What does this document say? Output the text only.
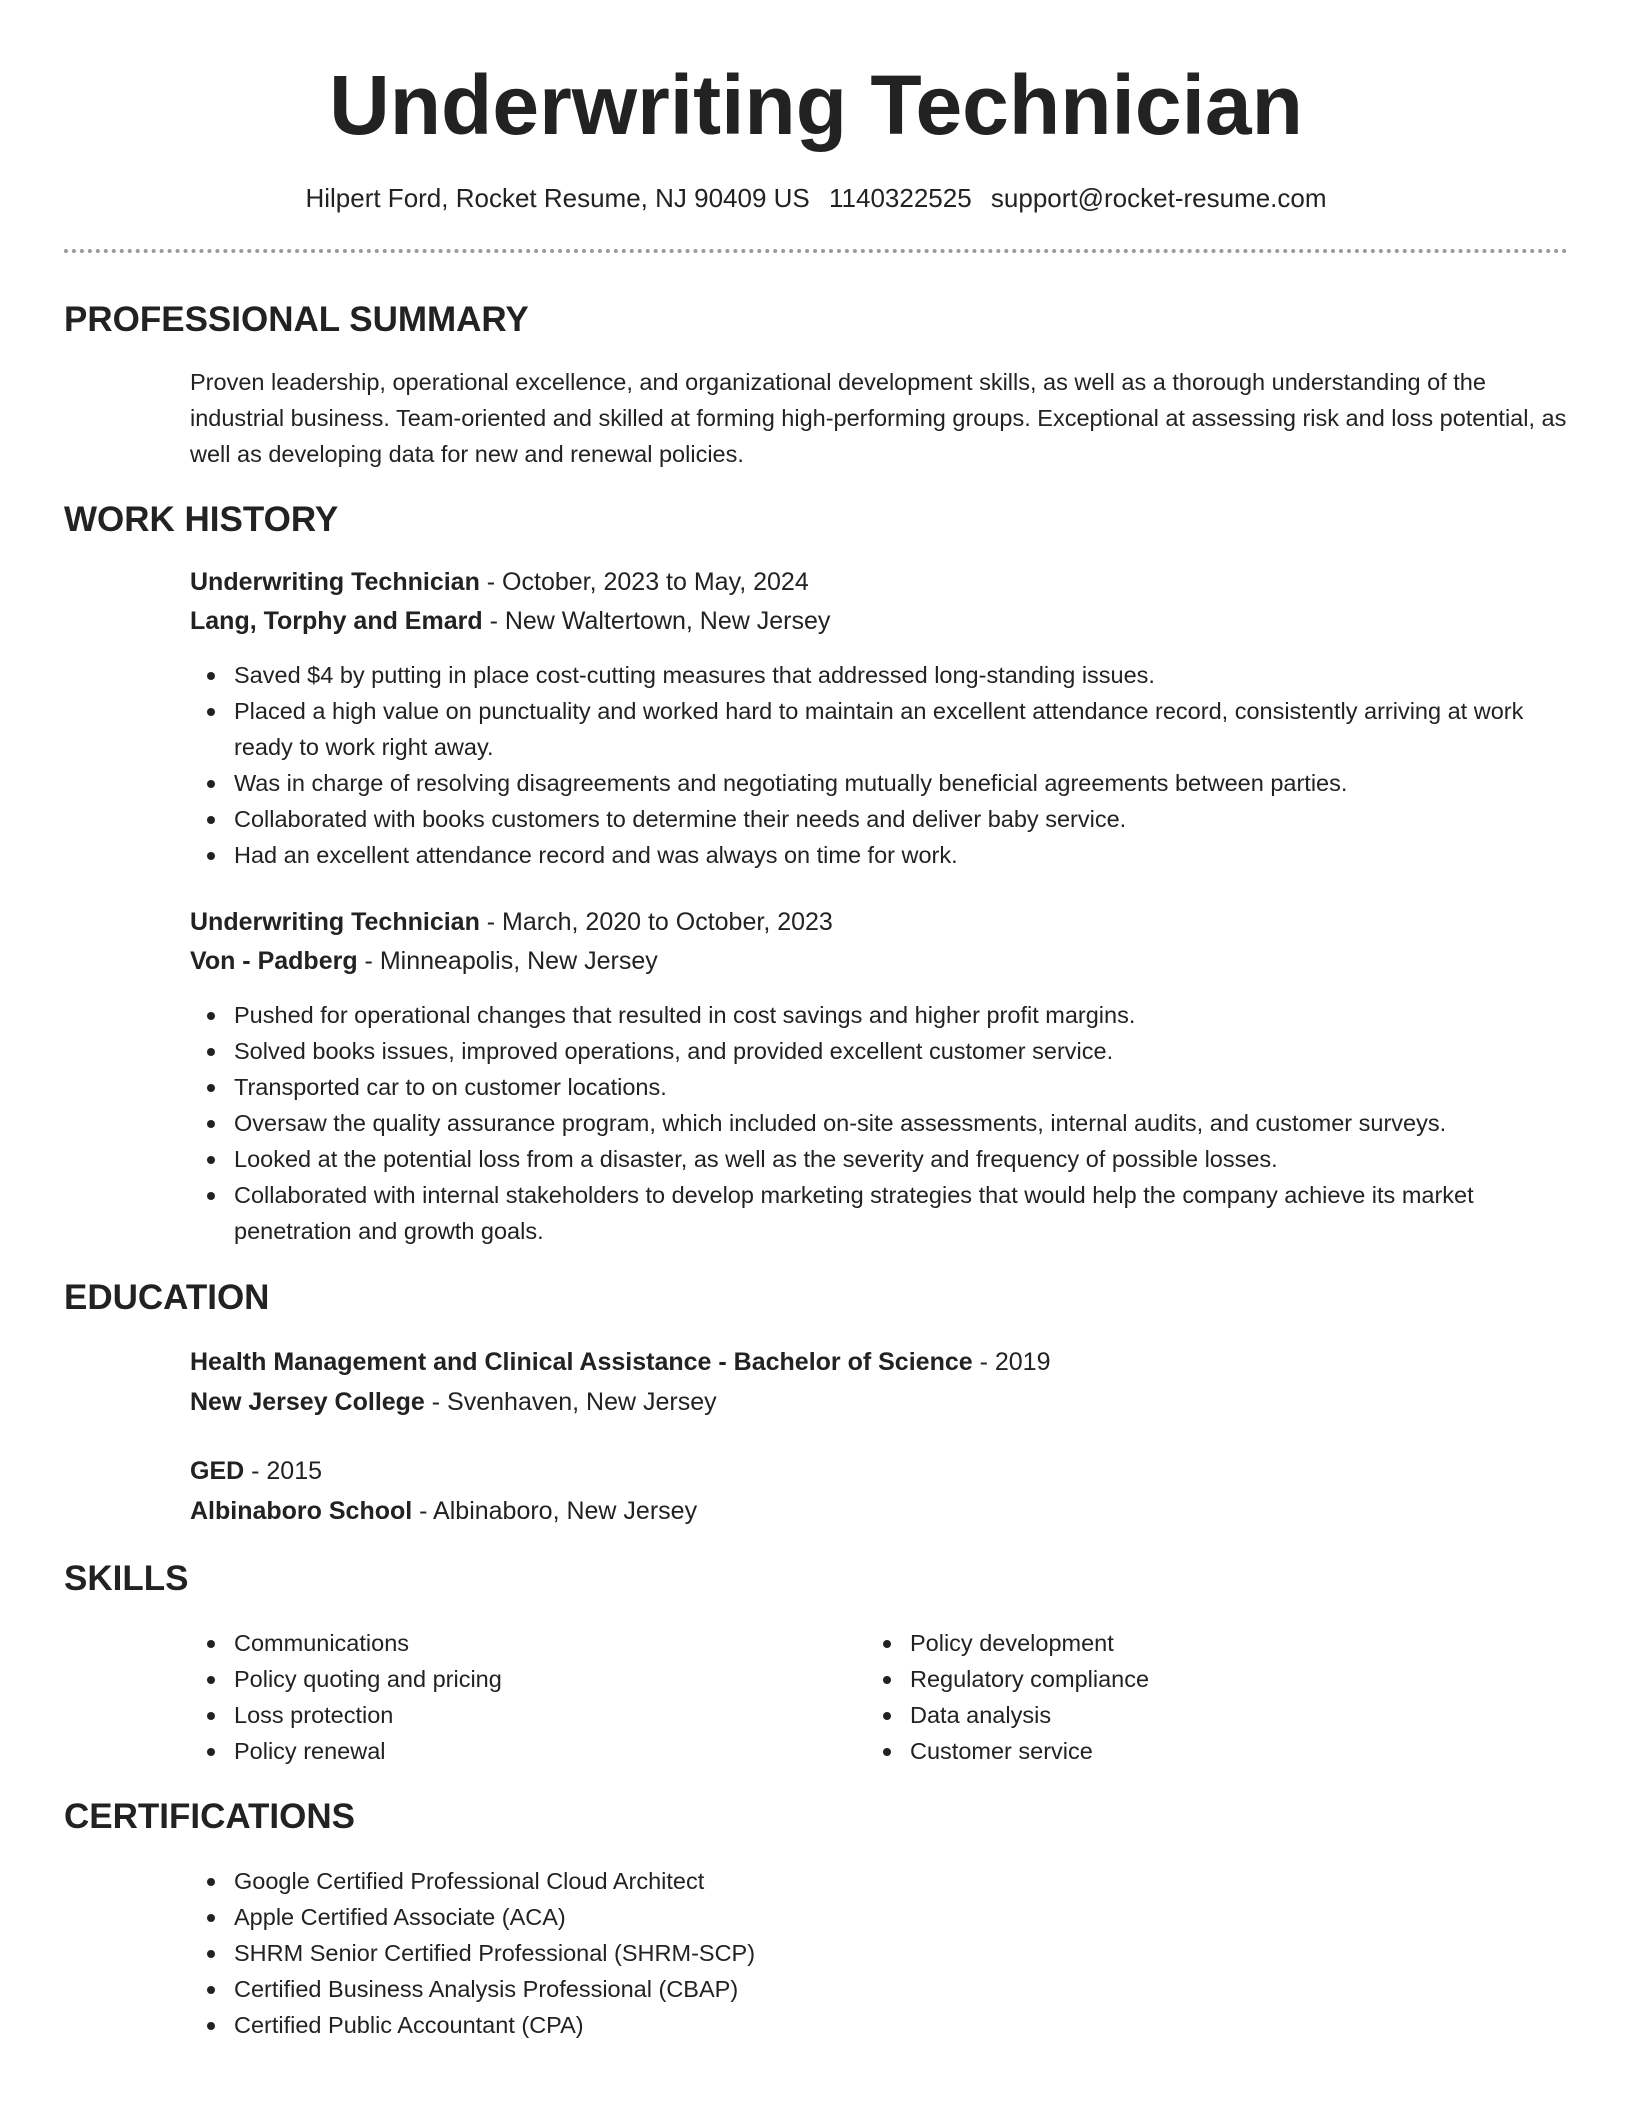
Underwriting Technician
Hilpert Ford, Rocket Resume, NJ 90409 US 1140322525 support@rocket-resume.com
PROFESSIONAL SUMMARY
Proven leadership, operational excellence, and organizational development skills, as well as a thorough understanding of the industrial business. Team-oriented and skilled at forming high-performing groups. Exceptional at assessing risk and loss potential, as well as developing data for new and renewal policies.
WORK HISTORY
Underwriting Technician - October, 2023 to May, 2024
Lang, Torphy and Emard - New Waltertown, New Jersey
Saved $4 by putting in place cost-cutting measures that addressed long-standing issues.
Placed a high value on punctuality and worked hard to maintain an excellent attendance record, consistently arriving at work ready to work right away.
Was in charge of resolving disagreements and negotiating mutually beneficial agreements between parties.
Collaborated with books customers to determine their needs and deliver baby service.
Had an excellent attendance record and was always on time for work.
Underwriting Technician - March, 2020 to October, 2023
Von - Padberg - Minneapolis, New Jersey
Pushed for operational changes that resulted in cost savings and higher profit margins.
Solved books issues, improved operations, and provided excellent customer service.
Transported car to on customer locations.
Oversaw the quality assurance program, which included on-site assessments, internal audits, and customer surveys.
Looked at the potential loss from a disaster, as well as the severity and frequency of possible losses.
Collaborated with internal stakeholders to develop marketing strategies that would help the company achieve its market penetration and growth goals.
EDUCATION
Health Management and Clinical Assistance - Bachelor of Science - 2019
New Jersey College - Svenhaven, New Jersey
GED - 2015
Albinaboro School - Albinaboro, New Jersey
SKILLS
Communications
Policy quoting and pricing
Loss protection
Policy renewal
Policy development
Regulatory compliance
Data analysis
Customer service
CERTIFICATIONS
Google Certified Professional Cloud Architect
Apple Certified Associate (ACA)
SHRM Senior Certified Professional (SHRM-SCP)
Certified Business Analysis Professional (CBAP)
Certified Public Accountant (CPA)
